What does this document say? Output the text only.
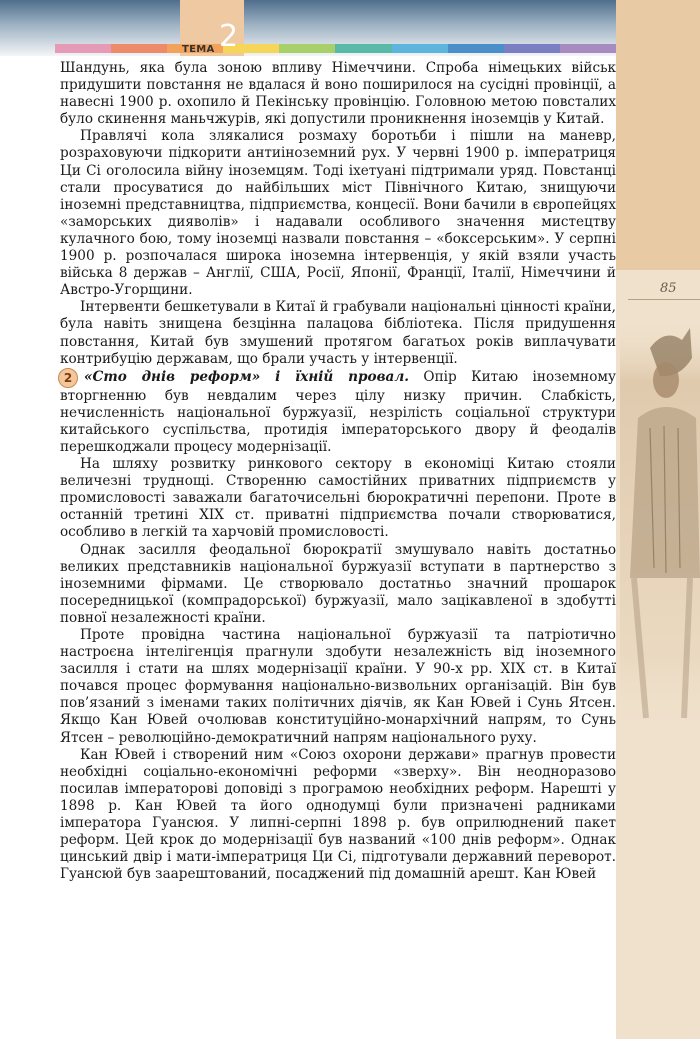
ТЕМА 2
85

Шандунь, яка була зоною впливу Німеччини. Спроба німецьких військ придушити повстання не вдалася й воно поширилося на сусідні провінції, а навесні 1900 р. охопило й Пекінську провінцію. Головною метою повсталих було скинення маньчжурів, які допустили проникнення іноземців у Китай.

Правлячі кола злякалися розмаху боротьби і пішли на маневр, розраховуючи підкорити антиіноземний рух. У червні 1900 р. імператриця Ци Сі оголосила війну іноземцям. Тоді іхетуані підтримали уряд. Повстанці стали просуватися до найбільших міст Північного Китаю, знищуючи іноземні представництва, підприємства, концесії. Вони бачили в європейцях «заморських дияволів» і надавали особливого значення мистецтву кулачного бою, тому іноземці назвали повстання – «боксерським». У серпні 1900 р. розпочалася широка іноземна інтервенція, у якій взяли участь війська 8 держав – Англії, США, Росії, Японії, Франції, Італії, Німеччини й Австро-Угорщини.

Інтервенти бешкетували в Китаї й грабували національні цінності країни, була навіть знищена безцінна палацова бібліотека. Після придушення повстання, Китай був змушений протягом багатьох років виплачувати контрибуцію державам, що брали участь у інтервенції.

2 «Сто днів реформ» і їхній провал. Опір Китаю іноземному вторгненню був невдалим через цілу низку причин. Слабкість, нечисленність національної буржуазії, незрілість соціальної структури китайського суспільства, протидія імператорського двору й феодалів перешкоджали процесу модернізації.

На шляху розвитку ринкового сектору в економіці Китаю стояли величезні труднощі. Створенню самостійних приватних підприємств у промисловості заважали багаточисельні бюрократичні перепони. Проте в останній третині XIX ст. приватні підприємства почали створюватися, особливо в легкій та харчовій промисловості.

Однак засилля феодальної бюрократії змушувало навіть достатньо великих представників національної буржуазії вступати в партнерство з іноземними фірмами. Це створювало достатньо значний прошарок посередницької (компрадорської) буржуазії, мало зацікавленої в здобутті повної незалежності країни.

Проте провідна частина національної буржуазії та патріотично настроєна інтелігенція прагнули здобути незалежність від іноземного засилля і стати на шлях модернізації країни. У 90-х рр. XIX ст. в Китаї почався процес формування національно-визвольних організацій. Він був пов’язаний з іменами таких політичних діячів, як Кан Ювей і Сунь Ятсен. Якщо Кан Ювей очолював конституційно-монархічний напрям, то Сунь Ятсен – революційно-демократичний напрям національного руху.

Кан Ювей і створений ним «Союз охорони держави» прагнув провести необхідні соціально-економічні реформи «зверху». Він неодноразово посилав імператорові доповіді з програмою необхідних реформ. Нарешті у 1898 р. Кан Ювей та його однодумці були призначені радниками імператора Гуансюя. У липні-серпні 1898 р. був оприлюднений пакет реформ. Цей крок до модернізації був названий «100 днів реформ». Однак цинський двір і мати-імператриця Ци Сі, підготували державний переворот. Гуансюй був заарештований, посаджений під домашній арешт. Кан Ювей
